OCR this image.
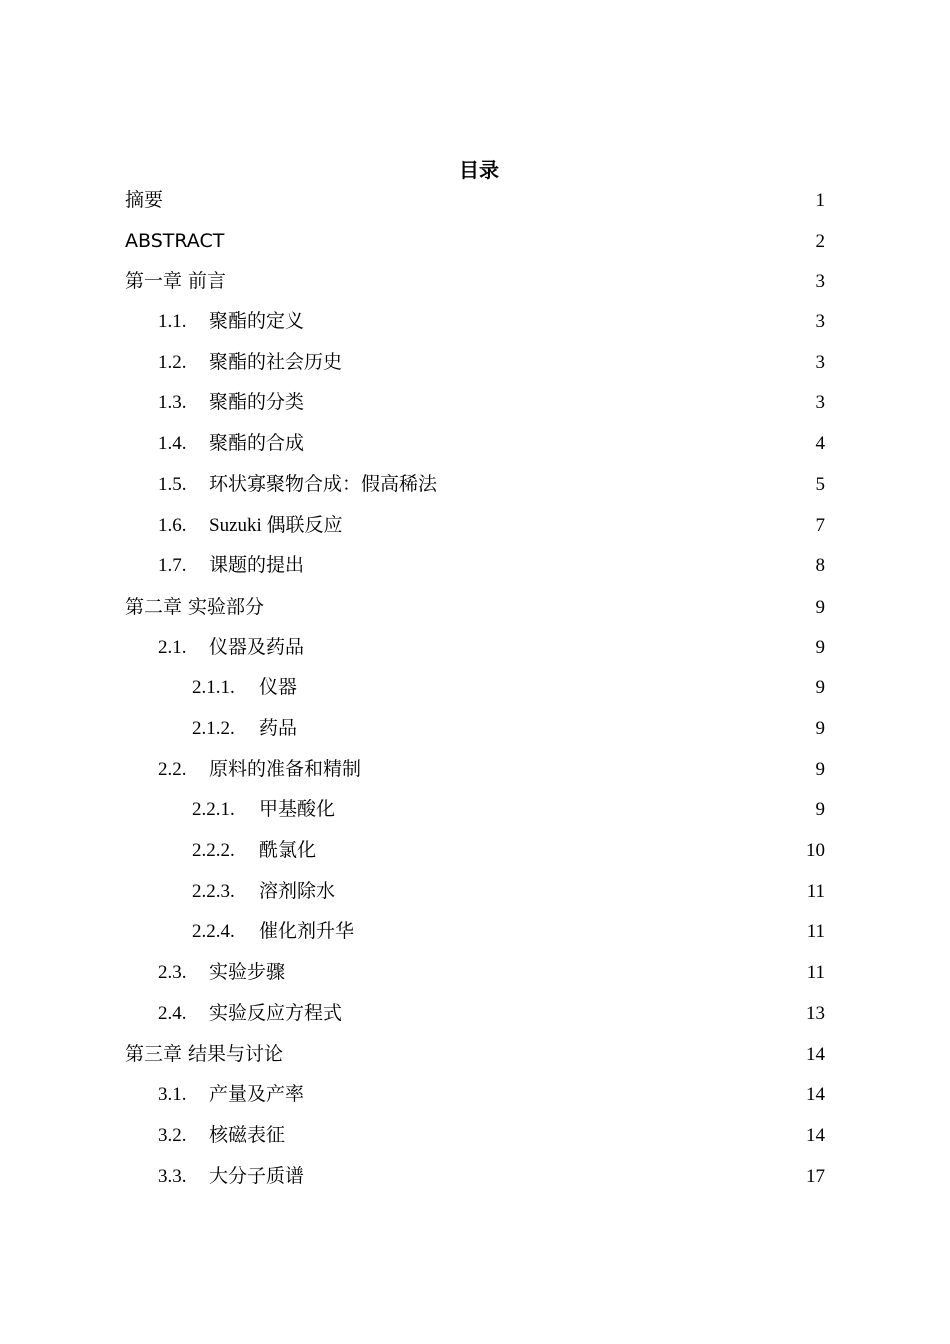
目录
摘要	1
ABSTRACT	2
第一章 前言	3
1.1.	聚酯的定义	3
1.2.	聚酯的社会历史	3
1.3.	聚酯的分类	3
1.4.	聚酯的合成	4
1.5.	环状寡聚物合成：假高稀法	5
1.6.	Suzuki 偶联反应	7
1.7.	课题的提出	8
第二章 实验部分	9
2.1.	仪器及药品	9
2.1.1.	仪器	9
2.1.2.	药品	9
2.2.	原料的准备和精制	9
2.2.1.	甲基酸化	9
2.2.2.	酰氯化	10
2.2.3.	溶剂除水	11
2.2.4.	催化剂升华	11
2.3.	实验步骤	11
2.4.	实验反应方程式	13
第三章 结果与讨论	14
3.1.	产量及产率	14
3.2.	核磁表征	14
3.3.	大分子质谱	17
